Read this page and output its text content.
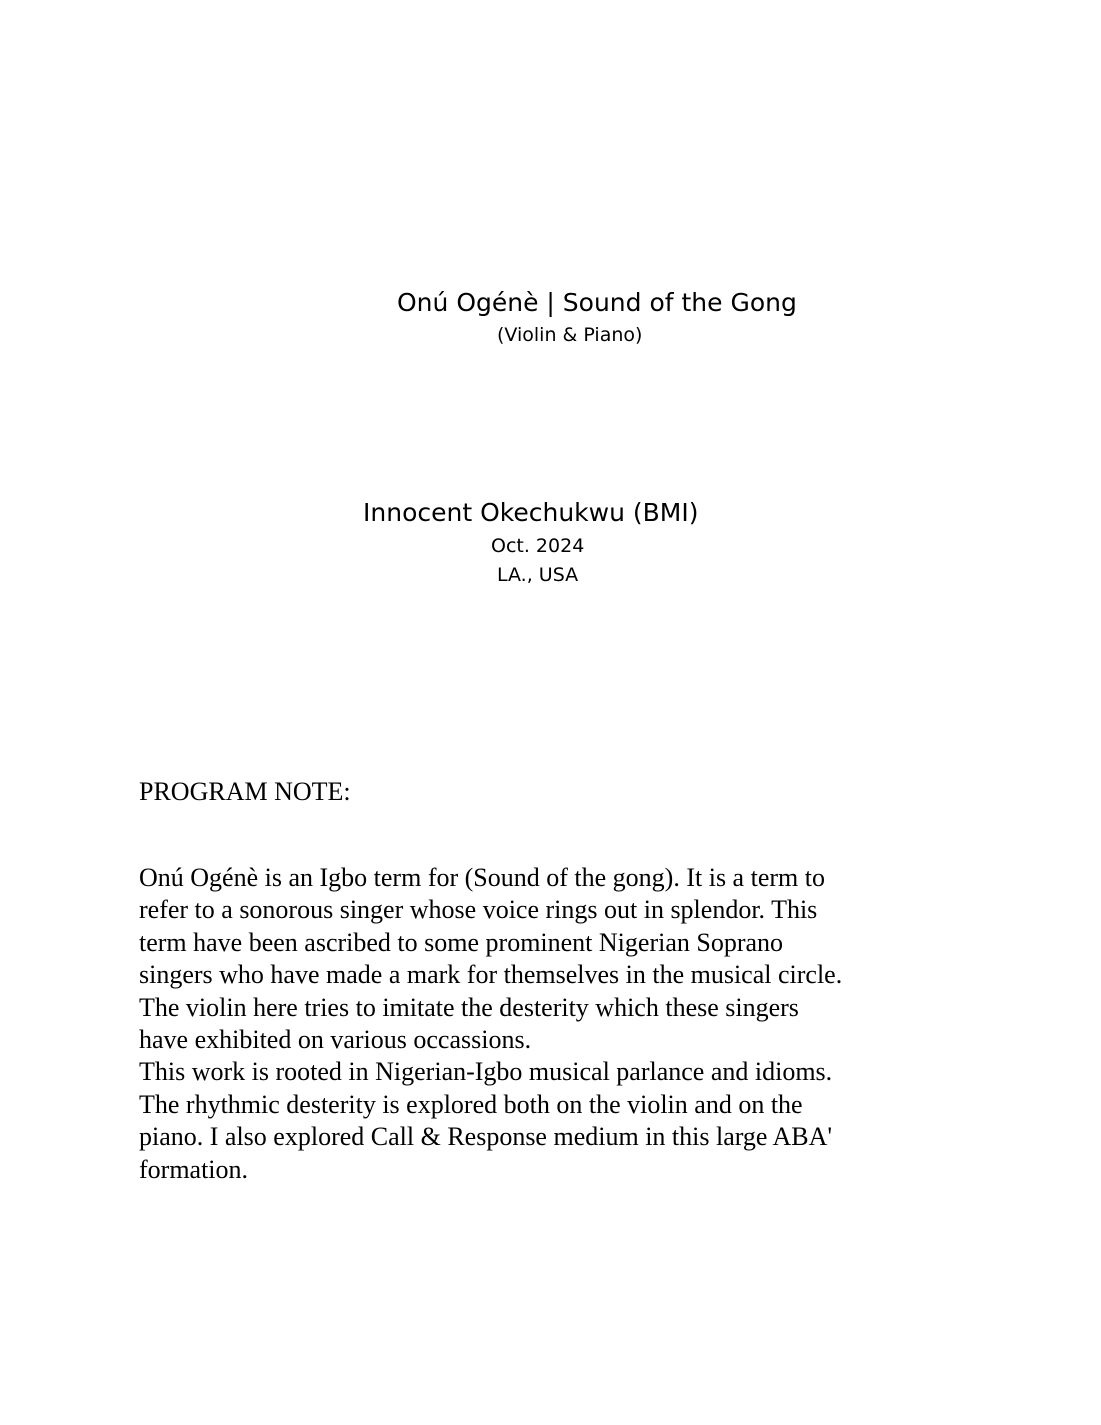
Onú Ogénè | Sound of the Gong
(Violin & Piano)
Innocent Okechukwu (BMI)
Oct. 2024
LA., USA
PROGRAM NOTE:
Onú Ogénè is an Igbo term for (Sound of the gong). It is a term to
refer to a sonorous singer whose voice rings out in splendor. This
term have been ascribed to some prominent Nigerian Soprano
singers who have made a mark for themselves in the musical circle.
The violin here tries to imitate the desterity which these singers
have exhibited on various occassions.
This work is rooted in Nigerian-Igbo musical parlance and idioms.
The rhythmic desterity is explored both on the violin and on the
piano. I also explored Call & Response medium in this large ABA'
formation.
